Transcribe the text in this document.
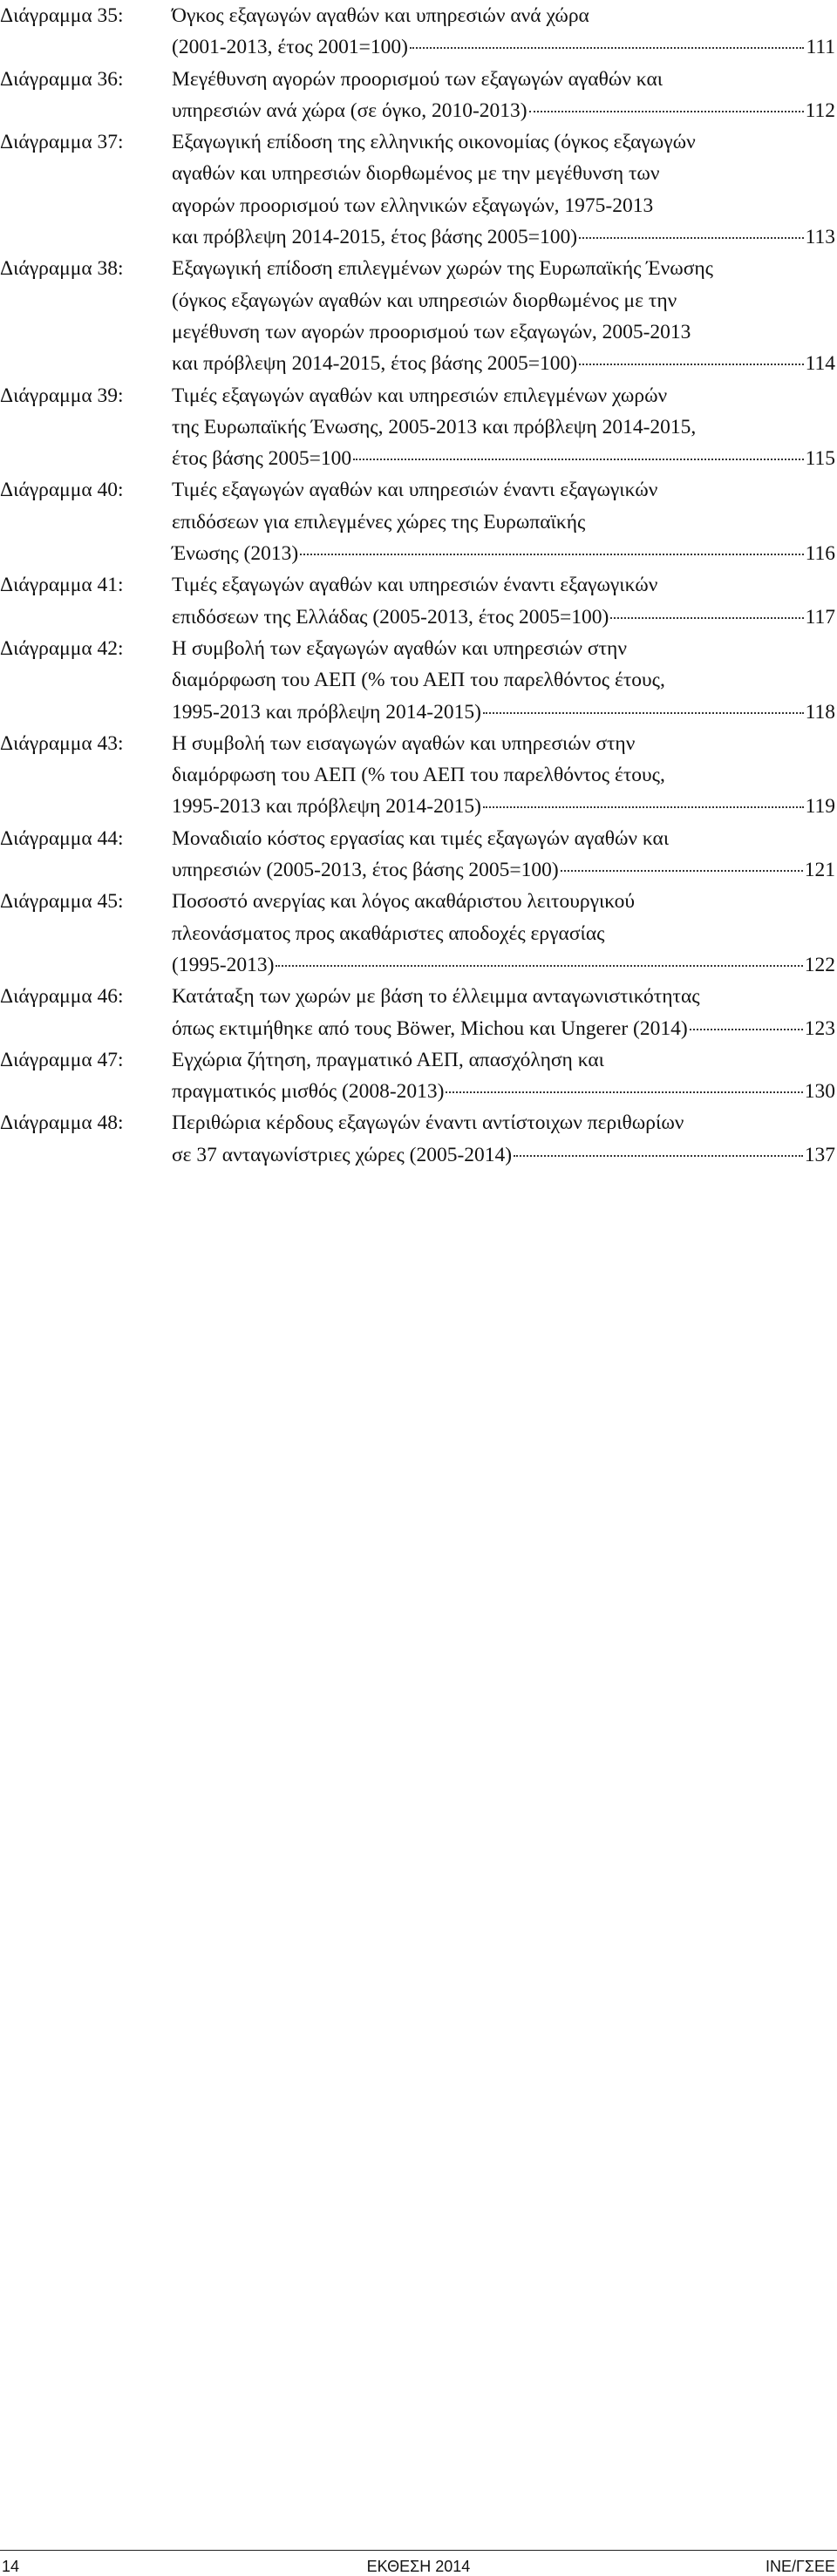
Διάγραμμα 35:	Όγκος εξαγωγών αγαθών και υπηρεσιών ανά χώρα
(2001-2013, έτος 2001=100)	111
Διάγραμμα 36:	Μεγέθυνση αγορών προορισμού των εξαγωγών αγαθών και
υπηρεσιών ανά χώρα (σε όγκο, 2010-2013)	112
Διάγραμμα 37:	Εξαγωγική επίδοση της ελληνικής οικονομίας (όγκος εξαγωγών
αγαθών και υπηρεσιών διορθωμένος με την μεγέθυνση των
αγορών προορισμού των ελληνικών εξαγωγών, 1975-2013
και πρόβλεψη 2014-2015, έτος βάσης 2005=100)	113
Διάγραμμα 38:	Εξαγωγική επίδοση επιλεγμένων χωρών της Ευρωπαϊκής Ένωσης
(όγκος εξαγωγών αγαθών και υπηρεσιών διορθωμένος με την
μεγέθυνση των αγορών προορισμού των εξαγωγών, 2005-2013
και πρόβλεψη 2014-2015, έτος βάσης 2005=100)	114
Διάγραμμα 39:	Τιμές εξαγωγών αγαθών και υπηρεσιών επιλεγμένων χωρών
της Ευρωπαϊκής Ένωσης, 2005-2013 και πρόβλεψη 2014-2015,
έτος βάσης 2005=100	115
Διάγραμμα 40:	Τιμές εξαγωγών αγαθών και υπηρεσιών έναντι εξαγωγικών
επιδόσεων για επιλεγμένες χώρες της Ευρωπαϊκής
Ένωσης (2013)	116
Διάγραμμα 41:	Τιμές εξαγωγών αγαθών και υπηρεσιών έναντι εξαγωγικών
επιδόσεων της Ελλάδας (2005-2013, έτος 2005=100)	117
Διάγραμμα 42:	Η συμβολή των εξαγωγών αγαθών και υπηρεσιών στην
διαμόρφωση του ΑΕΠ (% του ΑΕΠ του παρελθόντος έτους,
1995-2013 και πρόβλεψη 2014-2015)	118
Διάγραμμα 43:	Η συμβολή των εισαγωγών αγαθών και υπηρεσιών στην
διαμόρφωση του ΑΕΠ (% του ΑΕΠ του παρελθόντος έτους,
1995-2013 και πρόβλεψη 2014-2015)	119
Διάγραμμα 44:	Μοναδιαίο κόστος εργασίας και τιμές εξαγωγών αγαθών και
υπηρεσιών (2005-2013, έτος βάσης 2005=100)	121
Διάγραμμα 45:	Ποσοστό ανεργίας και λόγος ακαθάριστου λειτουργικού
πλεονάσματος προς ακαθάριστες αποδοχές εργασίας
(1995-2013)	122
Διάγραμμα 46:	Κατάταξη των χωρών με βάση το έλλειμμα ανταγωνιστικότητας
όπως εκτιμήθηκε από τους Böwer, Michou και Ungerer (2014)	123
Διάγραμμα 47:	Εγχώρια ζήτηση, πραγματικό ΑΕΠ, απασχόληση και
πραγματικός μισθός (2008-2013)	130
Διάγραμμα 48:	Περιθώρια κέρδους εξαγωγών έναντι αντίστοιχων περιθωρίων
σε 37 ανταγωνίστριες χώρες (2005-2014)	137
14	ΕΚΘΕΣΗ 2014	ΙΝΕ/ΓΣΕΕ
